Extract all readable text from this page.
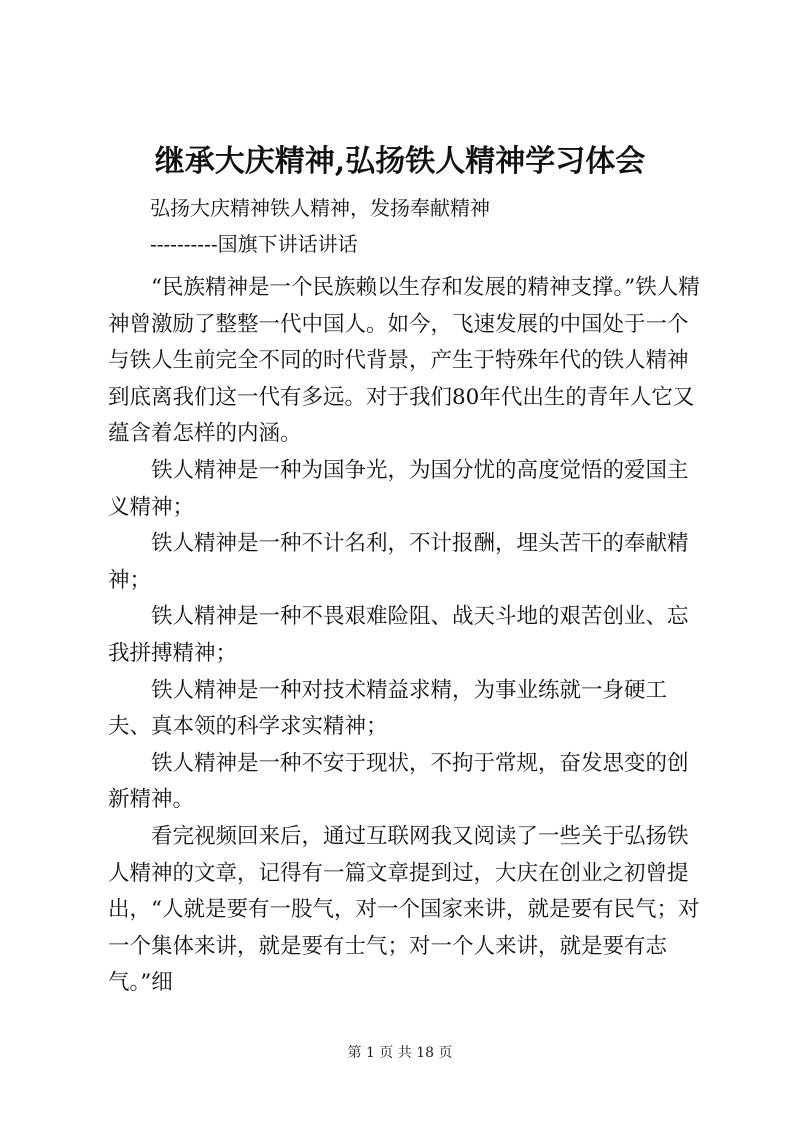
继承大庆精神,弘扬铁人精神学习体会
弘扬大庆精神铁人精神，发扬奉献精神
----------国旗下讲话讲话

“民族精神是一个民族赖以生存和发展的精神支撑。”铁人精神曾激励了整整一代中国人。如今，飞速发展的中国处于一个与铁人生前完全不同的时代背景，产生于特殊年代的铁人精神到底离我们这一代有多远。对于我们80年代出生的青年人它又蕴含着怎样的内涵。

铁人精神是一种为国争光，为国分忧的高度觉悟的爱国主义精神；

铁人精神是一种不计名利，不计报酬，埋头苦干的奉献精神；

铁人精神是一种不畏艰难险阻、战天斗地的艰苦创业、忘我拼搏精神；

铁人精神是一种对技术精益求精，为事业练就一身硬工夫、真本领的科学求实精神；

铁人精神是一种不安于现状，不拘于常规，奋发思变的创新精神。

看完视频回来后，通过互联网我又阅读了一些关于弘扬铁人精神的文章，记得有一篇文章提到过，大庆在创业之初曾提出，“人就是要有一股气，对一个国家来讲，就是要有民气；对一个集体来讲，就是要有士气；对一个人来讲，就是要有志气。”细

第 1 页 共 18 页
